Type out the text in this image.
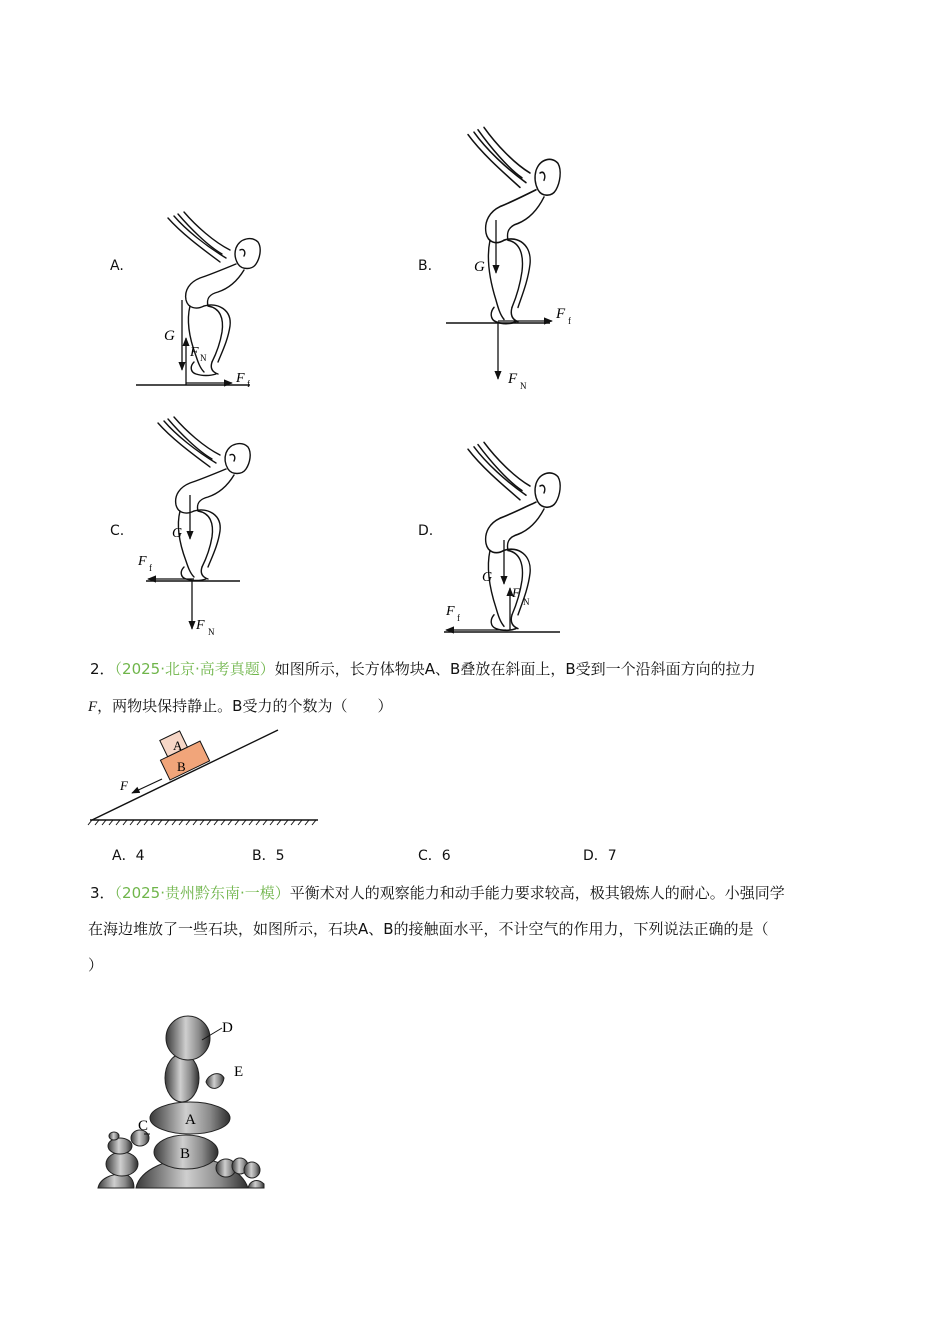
A.	B.
C.	D.
G
F N
F f
G
F f
F N
G
F f
F N
G
F
N
F f
2．（2025·北京·高考真题）如图所示，长方体物块A、B叠放在斜面上，B受到一个沿斜面方向的拉力
F，两物块保持静止。B受力的个数为（　　）
A
B
F
A．4	B．5	C．6	D．7
3．（2025·贵州黔东南·一模）平衡术对人的观察能力和动手能力要求较高，极其锻炼人的耐心。小强同学
在海边堆放了一些石块，如图所示，石块A、B的接触面水平，不计空气的作用力，下列说法正确的是（
）
D
E
C A
B
